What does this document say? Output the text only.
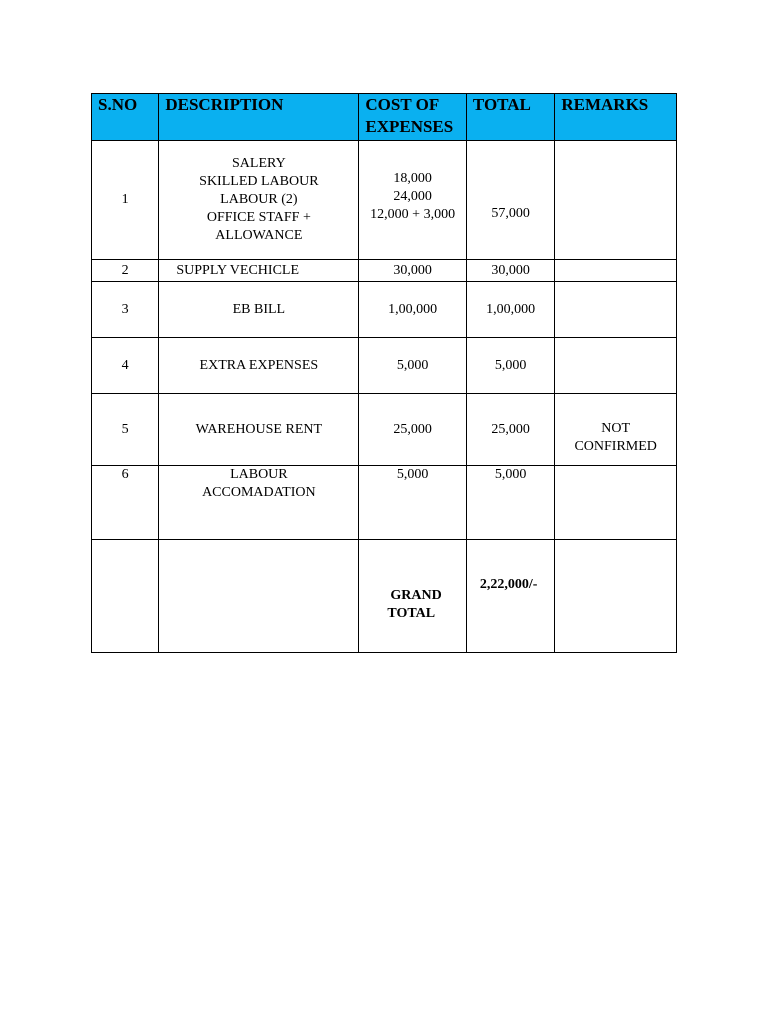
S.NO	DESCRIPTION	COST OF
EXPENSES	TOTAL	REMARKS
1	SALERY
SKILLED LABOUR
LABOUR (2)
OFFICE STAFF +
ALLOWANCE	18,000
24,000
12,000 + 3,000	57,000	
2	SUPPLY VECHICLE	30,000	30,000	
3	EB BILL	1,00,000	1,00,000	
4	EXTRA EXPENSES	5,000	5,000	
5	WAREHOUSE RENT	25,000	25,000	NOT
CONFIRMED

6	LABOUR
ACCOMADATION	5,000	5,000	

		GRAND
TOTAL	2,22,000/-	
